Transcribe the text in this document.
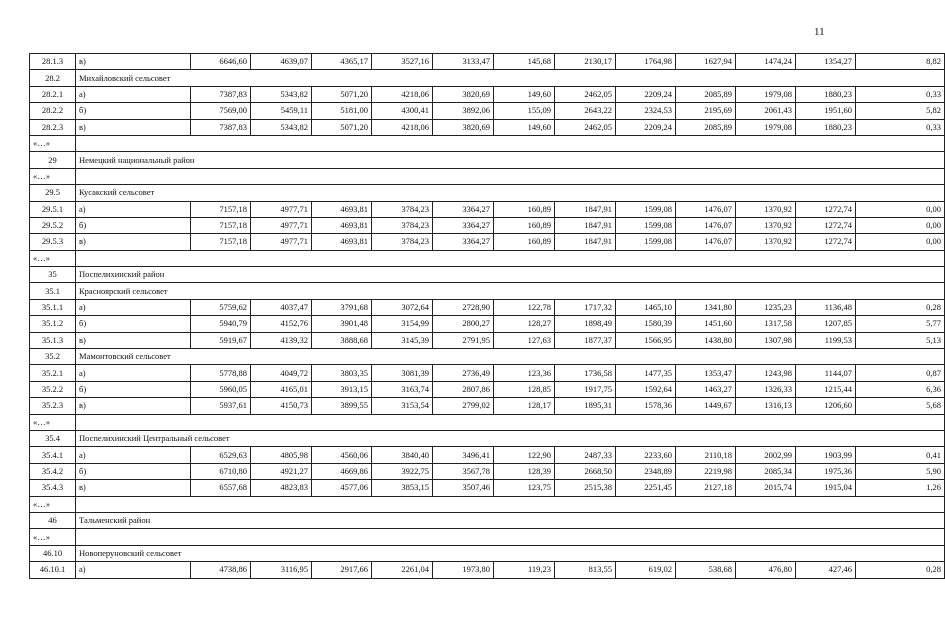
11
28.1.3	в)	6646,60	4639,07	4365,17	3527,16	3133,47	145,68	2130,17	1764,98	1627,94	1474,24	1354,27	8,82
28.2	Михайловский сельсовет												
28.2.1	а)	7387,83	5343,82	5071,20	4218,06	3820,69	149,60	2462,05	2209,24	2085,89	1979,08	1880,23	0,33
28.2.2	б)	7569,00	5459,11	5181,00	4300,41	3892,06	155,09	2643,22	2324,53	2195,69	2061,43	1951,60	5,82
28.2.3	в)	7387,83	5343,82	5071,20	4218,06	3820,69	149,60	2462,05	2209,24	2085,89	1979,08	1880,23	0,33
«…»													
29	Немецкий национальный район												
«…»													
29.5	Кусакский сельсовет												
29.5.1	а)	7157,18	4977,71	4693,81	3784,23	3364,27	160,89	1847,91	1599,08	1476,07	1370,92	1272,74	0,00
29.5.2	б)	7157,18	4977,71	4693,81	3784,23	3364,27	160,89	1847,91	1599,08	1476,07	1370,92	1272,74	0,00
29.5.3	в)	7157,18	4977,71	4693,81	3784,23	3364,27	160,89	1847,91	1599,08	1476,07	1370,92	1272,74	0,00
«…»													
35	Поспелихинский район												
35.1	Красноярский сельсовет												
35.1.1	а)	5759,62	4037,47	3791,68	3072,64	2728,90	122,78	1717,32	1465,10	1341,80	1235,23	1136,48	0,28
35.1.2	б)	5940,79	4152,76	3901,48	3154,99	2800,27	128,27	1898,49	1580,39	1451,60	1317,58	1207,85	5,77
35.1.3	в)	5919,67	4139,32	3888,68	3145,39	2791,95	127,63	1877,37	1566,95	1438,80	1307,98	1199,53	5,13
35.2	Мамонтовский сельсовет												
35.2.1	а)	5778,88	4049,72	3803,35	3081,39	2736,49	123,36	1736,58	1477,35	1353,47	1243,98	1144,07	0,87
35.2.2	б)	5960,05	4165,01	3913,15	3163,74	2807,86	128,85	1917,75	1592,64	1463,27	1326,33	1215,44	6,36
35.2.3	в)	5937,61	4150,73	3899,55	3153,54	2799,02	128,17	1895,31	1578,36	1449,67	1316,13	1206,60	5,68
«…»													
35.4	Поспелихинский Центральный сельсовет												
35.4.1	а)	6529,63	4805,98	4560,06	3840,40	3496,41	122,90	2487,33	2233,60	2110,18	2002,99	1903,99	0,41
35.4.2	б)	6710,80	4921,27	4669,86	3922,75	3567,78	128,39	2668,50	2348,89	2219,98	2085,34	1975,36	5,90
35.4.3	в)	6557,68	4823,83	4577,06	3853,15	3507,46	123,75	2515,38	2251,45	2127,18	2015,74	1915,04	1,26
«…»													
46	Тальменский район												
«…»													
46.10	Новоперуновский сельсовет												
46.10.1	а)	4738,86	3116,95	2917,66	2261,04	1973,80	119,23	813,55	619,02	538,68	476,80	427,46	0,28
